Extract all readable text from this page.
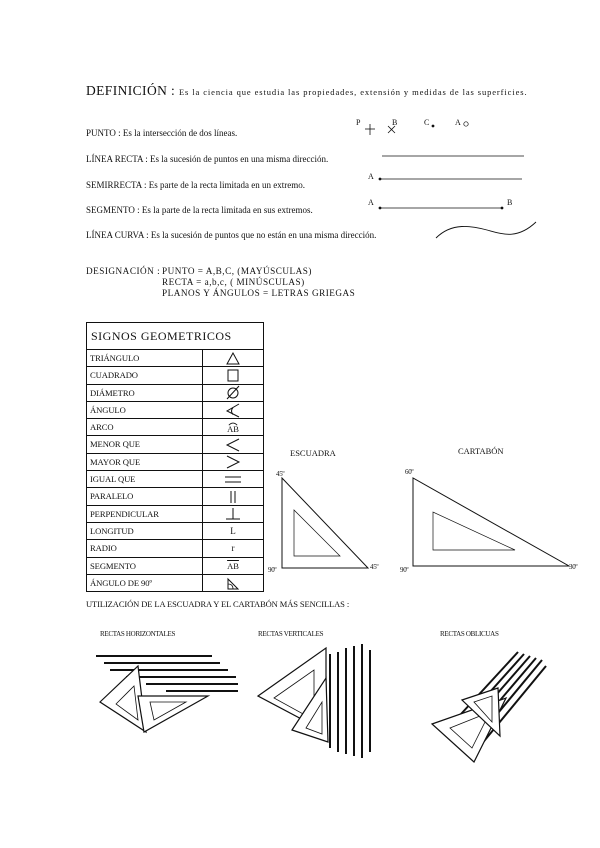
DEFINICIÓN : Es la ciencia que estudia las propiedades, extensión y medidas de las superficies.
PUNTO : Es la intersección de dos líneas.
LÍNEA RECTA : Es la sucesión de puntos en una misma dirección.
SEMIRRECTA : Es parte de la recta limitada en un extremo.
SEGMENTO : Es la parte de la recta limitada en sus extremos.
LÍNEA CURVA : Es la sucesión de puntos que no están en una misma dirección.
P	B	C	A
A
A	B
DESIGNACIÓN : PUNTO = A,B,C, (MAYÚSCULAS)
RECTA = a,b,c, ( MINÚSCULAS)
PLANOS Y ÁNGULOS = LETRAS GRIEGAS
SIGNOS GEOMETRICOS
TRIÁNGULO
CUADRADO
DIÁMETRO
ÁNGULO
ARCO	AB
MENOR QUE
MAYOR QUE
IGUAL QUE
PARALELO
PERPENDICULAR
LONGITUD	L
RADIO	r
SEGMENTO	$\overline{AB}$
ÁNGULO DE 90º
ESCUADRA
45º
90º	45º
CARTABÓN
60º
90º	30º
UTILIZACIÓN DE LA ESCUADRA Y EL CARTABÓN MÁS SENCILLAS :
RECTAS HORIZONTALES	RECTAS VERTICALES	RECTAS OBLICUAS
